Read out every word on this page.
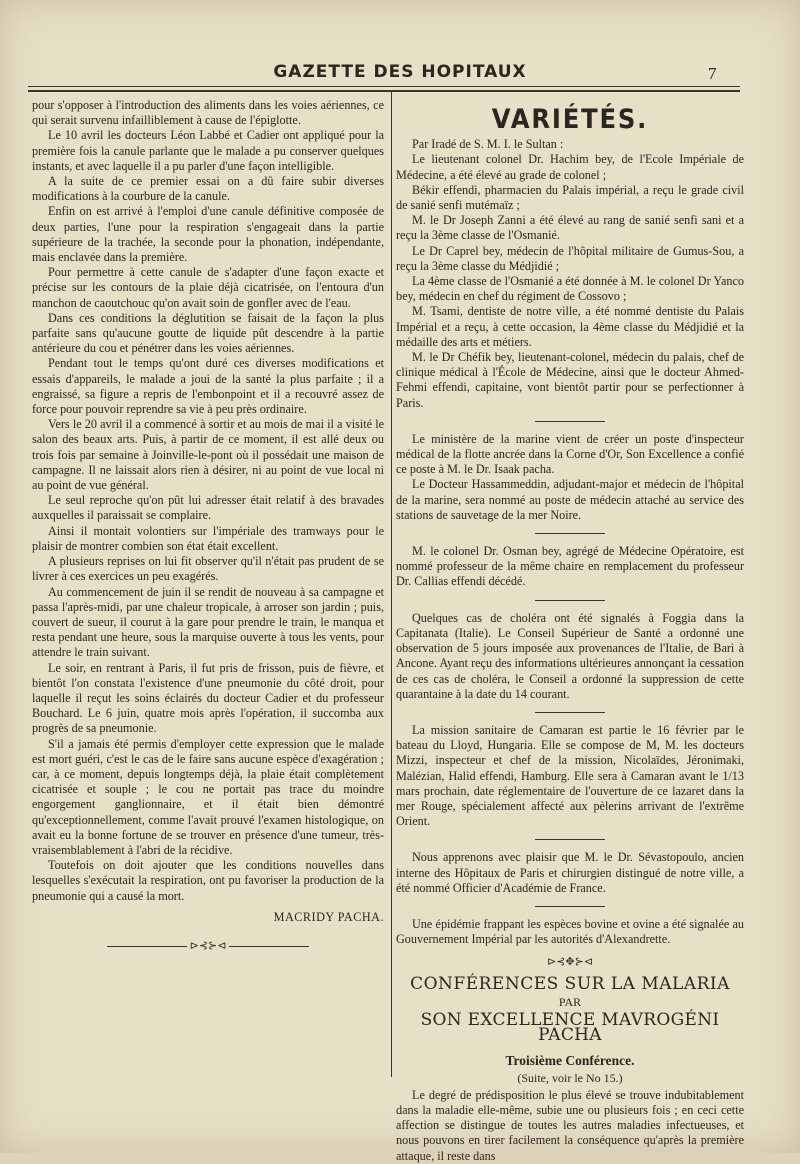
GAZETTE DES HOPITAUX	7

pour s'opposer à l'introduction des aliments dans les voies aériennes, ce qui serait survenu infailliblement à cause de l'épiglotte.

Le 10 avril les docteurs Léon Labbé et Cadier ont appliqué pour la première fois la canule parlante que le malade a pu conserver quelques instants, et avec laquelle il a pu parler d'une façon intelligible.

A la suite de ce premier essai on a dû faire subir diverses modifications à la courbure de la canule.

Enfin on est arrivé à l'emploi d'une canule définitive composée de deux parties, l'une pour la respiration s'engageait dans la partie supérieure de la trachée, la seconde pour la phonation, indépendante, mais enclavée dans la première.

Pour permettre à cette canule de s'adapter d'une façon exacte et précise sur les contours de la plaie déjà cicatrisée, on l'entoura d'un manchon de caoutchouc qu'on avait soin de gonfler avec de l'eau.

Dans ces conditions la déglutition se faisait de la façon la plus parfaite sans qu'aucune goutte de liquide pût descendre à la partie antérieure du cou et pénétrer dans les voies aériennes.

Pendant tout le temps qu'ont duré ces diverses modifications et essais d'appareils, le malade a joui de la santé la plus parfaite ; il a engraissé, sa figure a repris de l'embonpoint et il a recouvré assez de force pour pouvoir reprendre sa vie à peu près ordinaire.

Vers le 20 avril il a commencé à sortir et au mois de mai il a visité le salon des beaux arts. Puis, à partir de ce moment, il est allé deux ou trois fois par semaine à Joinville-le-pont où il possédait une maison de campagne. Il ne laissait alors rien à désirer, ni au point de vue local ni au point de vue général.

Le seul reproche qu'on pût lui adresser était relatif à des bravades auxquelles il paraissait se complaire.

Ainsi il montait volontiers sur l'impériale des tramways pour le plaisir de montrer combien son état était excellent.

A plusieurs reprises on lui fit observer qu'il n'était pas prudent de se livrer à ces exercices un peu exagérés.

Au commencement de juin il se rendit de nouveau à sa campagne et passa l'après-midi, par une chaleur tropicale, à arroser son jardin ; puis, couvert de sueur, il courut à la gare pour prendre le train, le manqua et resta pendant une heure, sous la marquise ouverte à tous les vents, pour attendre le train suivant.

Le soir, en rentrant à Paris, il fut pris de frisson, puis de fièvre, et bientôt l'on constata l'existence d'une pneumonie du côté droit, pour laquelle il reçut les soins éclairés du docteur Cadier et du professeur Bouchard. Le 6 juin, quatre mois après l'opération, il succomba aux progrès de sa pneumonie.

S'il a jamais été permis d'employer cette expression que le malade est mort guéri, c'est le cas de le faire sans aucune espèce d'exagération ; car, à ce moment, depuis longtemps déjà, la plaie était complètement cicatrisée et souple ; le cou ne portait pas trace du moindre engorgement ganglionnaire, et il était bien démontré qu'exceptionnellement, comme l'avait prouvé l'examen histologique, on avait eu la bonne fortune de se trouver en présence d'une tumeur, très-vraisemblablement à l'abri de la récidive.

Toutefois on doit ajouter que les conditions nouvelles dans lesquelles s'exécutait la respiration, ont pu favoriser la production de la pneumonie qui a causé la mort.

MACRIDY PACHA.

⊳⊰⊱⊲
VARIÉTÉS.

Par Iradé de S. M. I. le Sultan :

Le lieutenant colonel Dr. Hachim bey, de l'Ecole Impériale de Médecine, a été élevé au grade de colonel ;

Békir effendi, pharmacien du Palais impérial, a reçu le grade civil de sanié senfi mutémaïz ;

M. le Dr Joseph Zanni a été élevé au rang de sanié senfi sani et a reçu la 3ème classe de l'Osmanié.

Le Dr Caprel bey, médecin de l'hôpital militaire de Gumus-Sou, a reçu la 3ème classe du Médjidié ;

La 4ème classe de l'Osmanié a été donnée à M. le colonel Dr Yanco bey, médecin en chef du régiment de Cossovo ;

M. Tsami, dentiste de notre ville, a été nommé dentiste du Palais Impérial et a reçu, à cette occasion, la 4ème classe du Médjidié et la médaille des arts et métiers.

M. le Dr Chéfik bey, lieutenant-colonel, médecin du palais, chef de clinique médical à l'École de Médecine, ainsi que le docteur Ahmed-Fehmi effendi, capitaine, vont bientôt partir pour se perfectionner à Paris.

Le ministère de la marine vient de créer un poste d'inspecteur médical de la flotte ancrée dans la Corne d'Or, Son Excellence a confié ce poste à M. le Dr. Isaak pacha.

Le Docteur Hassammeddin, adjudant-major et médecin de l'hôpital de la marine, sera nommé au poste de médecin attaché au service des stations de sauvetage de la mer Noire.

M. le colonel Dr. Osman bey, agrégé de Médecine Opératoire, est nommé professeur de la même chaire en remplacement du professeur Dr. Callias effendi décédé.

Quelques cas de choléra ont été signalés à Foggia dans la Capitanata (Italie). Le Conseil Supérieur de Santé a ordonné une observation de 5 jours imposée aux provenances de l'Italie, de Bari à Ancone. Ayant reçu des informations ultérieures annonçant la cessation de ces cas de choléra, le Conseil a ordonné la suppression de cette quarantaine à la date du 14 courant.

La mission sanitaire de Camaran est partie le 16 février par le bateau du Lloyd, Hungaria. Elle se compose de M, M. les docteurs Mizzi, inspecteur et chef de la mission, Nicolaïdes, Jéronimaki, Malézian, Halid effendi, Hamburg. Elle sera à Camaran avant le 1/13 mars prochain, date réglementaire de l'ouverture de ce lazaret dans la mer Rouge, spécialement affecté aux pèlerins arrivant de l'extrême Orient.

Nous apprenons avec plaisir que M. le Dr. Sévastopoulo, ancien interne des Hôpitaux de Paris et chirurgien distingué de notre ville, a été nommé Officier d'Académie de France.

Une épidémie frappant les espèces bovine et ovine a été signalée au Gouvernement Impérial par les autorités d'Alexandrette.

⊳⊰✥⊱⊲
CONFÉRENCES SUR LA MALARIA
PAR
SON EXCELLENCE MAVROGÉNI PACHA
Troisième Conférence.
(Suite, voir le No 15.)

Le degré de prédisposition le plus élevé se trouve indubitablement dans la maladie elle-même, subie une ou plusieurs fois ; en ceci cette affection se distingue de toutes les autres maladies infectueuses, et nous pouvons en tirer facilement la conséquence qu'après la première attaque, il reste dans
